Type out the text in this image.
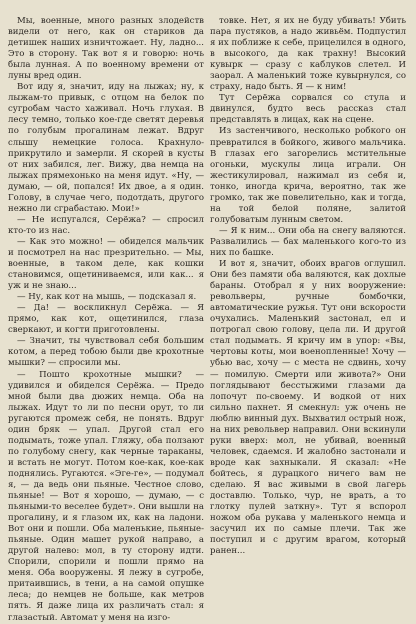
Мы, военные, много разных злодейств видели от него, как он стариков да детишек наших изничтожает. Ну, ладно... Это в сторону. Так вот я и говорю: ночь была лунная. А по военному времени от луны вред один.

Вот иду я, значит, иду на лыжах; ну, к лыжам-то привык, с отцом на белок по сугробам часто хаживал. Ночь глухая. В лесу темно, только кое-где светят деревья по голубым прогалинам лежат. Вдруг слышу немецкие голоса. Крахнуло-прикрутило и замерли. Я скорей в кусты от них забился, лег. Вижу, два немца на лыжах прямехонько на меня идут. «Ну, — думаю, — ой, попался! Их двое, а я один. Голову, в случае чего, подотдать, другого нежно ли сграбастаю. Мои!»

— Не испугался, Серёжа? — спросил кто-то из нас.

— Как это можно! — обиделся мальчик и посмотрел на нас презрительно. — Мы, военные, в таком деле, как кошки становимся, ощетиниваемся, или как... я уж и не знаю...

— Ну, как кот на мышь, — подсказал я.

— Да! — воскликнул Серёжа. — Я прямо, как кот, ощетинился, глаза сверкают, и когти приготовлены.

— Значит, ты чувствовал себя большим котом, а перед тобою были две крохотные мышки? — спросили мы.

— Пошто крохотные мышки? — удивился и обиделся Серёжа. — Предо мной были два дюжих немца. Оба на лыжах. Идут то ли по песни орут, то ли ругаются промеж себя, не понять. Вдруг один бряк — упал. Другой стал его подымать, тоже упал. Гляжу, оба ползают по голубому снегу, как черные тараканы, и встать не могут. Потом кое-как, кое-как поднялись. Ругаются. «Эге-ге», — подумал я, — да ведь они пьяные. Честное слово, пьяные! — Вот я хорошо, — думаю, — с пьяными-то веселее будет». Они вышли на прогалину, и я глазом их, как на ладони. Вот они и пошли. Оба маленькие, пьяные-пьяные. Один машет рукой направо, а другой налево: мол, в ту сторону идти. Спорили, спорили и пошли прямо на меня. Оба вооружены. Я лежу в сугробе, притаившись, в тени, а на самой опушке леса; до немцев не больше, как метров пять. Я даже лица их различать стал: я глазастый. Автомат у меня на изго-

товке. Нет, я их не буду убивать! Убить пара пустяков, а надо живьём. Подпустил я их поближе к себе, прицелился в одного, в высокого, да как трахну! Высокий кувырк — сразу с каблуков слетел. И заорал. А маленький тоже кувырнулся, со страху, надо быть. Я — к ним!

Тут Серёжа сорвался со стула и двинулся, будто весь рассказ стал представлять в лицах, как на сцене.

Из застенчивого, несколько робкого он превратился в бойкого, живого мальчика. В глазах его загорелись мстительные огоньки, мускулы лица играли. Он жестикулировал, нажимал из себя и, тонко, иногда крича, вероятно, так же громко, так же повелительно, как и тогда, на той белой поляне, залитой голубоватым лунным светом.

— Я к ним... Они оба на снегу валяются. Развалились — бах маленького кого-то из них по башке.

И вот я, значит, обоих врагов оглушил. Они без памяти оба валяются, как дохлые бараны. Отобрал я у них вооружение: револьверы, ручные бомбочки, автоматические ружья. Тут они вскорости очухались. Маленький застонал, ел и потрогал свою голову, цела ли. И другой стал подымать. Я кричу им в упор: «Вы, чертовы коты, мои военопленные! Хочу — убью вас, хочу — с места не сдвинь, хочу — помилую. Смерти или живота?» Они поглядывают бесстыжими глазами да лопочут по-своему. И водкой от них сильно пахнет. Я смекнул: уж очень не люблю винный дух. Выхватил острый нож, на них револьвер направил. Они вскинули руки вверх: мол, не убивай, военный человек, сдаемся. И жалобно застонали и вроде как захныкали. Я сказал: «Не бойтесь, я дурацкого ничего вам не сделаю. Я вас живыми в свой лагерь доставлю. Только, чур, не врать, а то глотку пулей заткну». Тут я вспорол ножом оба рукава у маленького немца и засучил их по самые плечи. Так же поступил и с другим врагом, который ранен...
